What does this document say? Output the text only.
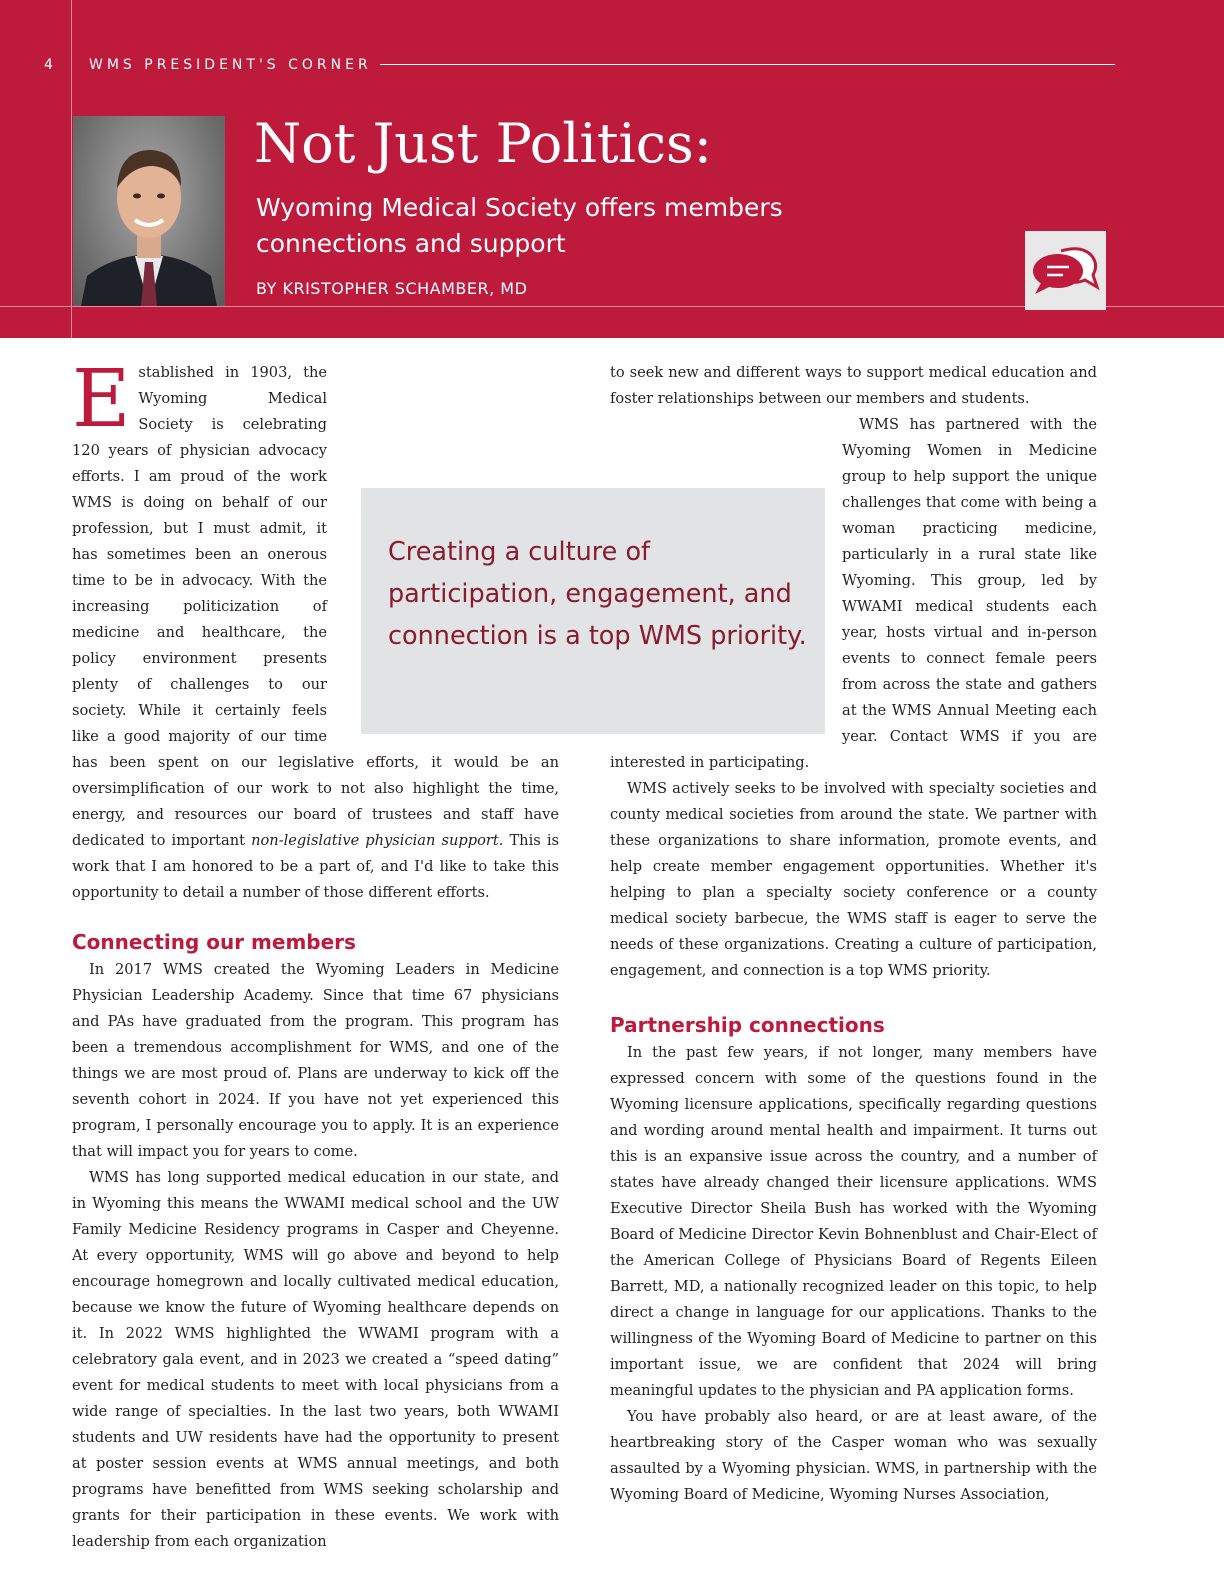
4	WMS PRESIDENT'S CORNER
Not Just Politics:
Wyoming Medical Society offers members connections and support
BY KRISTOPHER SCHAMBER, MD

Established in 1903, the Wyoming Medical Society is celebrating 120 years of physician advocacy efforts. I am proud of the work WMS is doing on behalf of our profession, but I must admit, it has sometimes been an onerous time to be in advocacy. With the increasing politicization of medicine and healthcare, the policy environment presents plenty of challenges to our society. While it certainly feels like a good majority of our time has been spent on our legislative efforts, it would be an oversimplification of our work to not also highlight the time, energy, and resources our board of trustees and staff have dedicated to important non-legislative physician support. This is work that I am honored to be a part of, and I'd like to take this opportunity to detail a number of those different efforts.

Connecting our members

In 2017 WMS created the Wyoming Leaders in Medicine Physician Leadership Academy. Since that time 67 physicians and PAs have graduated from the program. This program has been a tremendous accomplishment for WMS, and one of the things we are most proud of. Plans are underway to kick off the seventh cohort in 2024. If you have not yet experienced this program, I personally encourage you to apply. It is an experience that will impact you for years to come.

WMS has long supported medical education in our state, and in Wyoming this means the WWAMI medical school and the UW Family Medicine Residency programs in Casper and Cheyenne. At every opportunity, WMS will go above and beyond to help encourage homegrown and locally cultivated medical education, because we know the future of Wyoming healthcare depends on it. In 2022 WMS highlighted the WWAMI program with a celebratory gala event, and in 2023 we created a “speed dating” event for medical students to meet with local physicians from a wide range of specialties. In the last two years, both WWAMI students and UW residents have had the opportunity to present at poster session events at WMS annual meetings, and both programs have benefitted from WMS seeking scholarship and grants for their participation in these events. We work with leadership from each organization

to seek new and different ways to support medical education and foster relationships between our members and students.

WMS has partnered with the Wyoming Women in Medicine group to help support the unique challenges that come with being a woman practicing medicine, particularly in a rural state like Wyoming. This group, led by WWAMI medical students each year, hosts virtual and in-person events to connect female peers from across the state and gathers at the WMS Annual Meeting each year. Contact WMS if you are interested in participating.

WMS actively seeks to be involved with specialty societies and county medical societies from around the state. We partner with these organizations to share information, promote events, and help create member engagement opportunities. Whether it's helping to plan a specialty society conference or a county medical society barbecue, the WMS staff is eager to serve the needs of these organizations. Creating a culture of participation, engagement, and connection is a top WMS priority.

Partnership connections

In the past few years, if not longer, many members have expressed concern with some of the questions found in the Wyoming licensure applications, specifically regarding questions and wording around mental health and impairment. It turns out this is an expansive issue across the country, and a number of states have already changed their licensure applications. WMS Executive Director Sheila Bush has worked with the Wyoming Board of Medicine Director Kevin Bohnenblust and Chair-Elect of the American College of Physicians Board of Regents Eileen Barrett, MD, a nationally recognized leader on this topic, to help direct a change in language for our applications. Thanks to the willingness of the Wyoming Board of Medicine to partner on this important issue, we are confident that 2024 will bring meaningful updates to the physician and PA application forms.

You have probably also heard, or are at least aware, of the heartbreaking story of the Casper woman who was sexually assaulted by a Wyoming physician. WMS, in partnership with the Wyoming Board of Medicine, Wyoming Nurses Association,

Creating a culture of participation, engagement, and connection is a top WMS priority.
